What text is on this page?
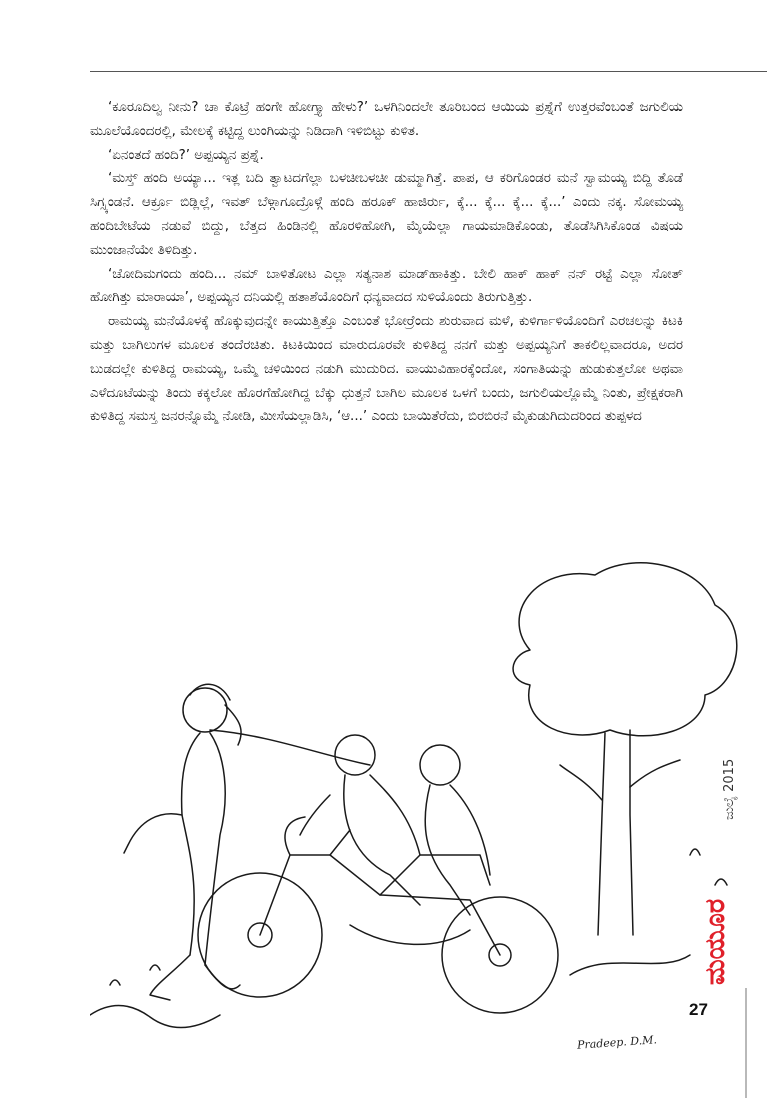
‘ಕೂರೂದಿಲ್ವ ನೀನು? ಚಾ ಕೊಟ್ರೆ ಹಂಗೇ ಹೋಗ್ತ್ಯಾ ಹೇಳು?’ ಒಳಗಿನಿಂದಲೇ ತೂರಿಬಂದ ಆಯಿಯ ಪ್ರಶ್ನೆಗೆ ಉತ್ತರವೆಂಬಂತೆ ಜಗುಲಿಯ ಮೂಲೆಯೊಂದರಲ್ಲಿ, ಮೇಲಕ್ಕೆ ಕಟ್ಟಿದ್ದ ಲುಂಗಿಯನ್ನು ನಿಡಿದಾಗಿ ಇಳಿಬಿಟ್ಟು ಕುಳಿತ.

‘ಏನಂತದೆ ಹಂದಿ?’ ಅಪ್ಪಯ್ಯನ ಪ್ರಶ್ನೆ.

‘ಮಸ್ತ್ ಹಂದಿ ಅಯ್ಯಾ... ಇತ್ಲ ಬದಿ ತ್ವಾಟದಗೆಲ್ಲಾ ಬಳಚೀಬಳಚೀ ಡುಮ್ಮಾಗಿತ್ತೆ. ಪಾಪ, ಆ ಕರಿಗೊಂಡರ ಮನೆ ಸ್ವಾಮಯ್ಯ ಬಿದ್ದಿ ತೊಡೆ ಸಿಗ್ಸ್ಕಂಡನೆ. ಆರ್ಕ್ರೂ ಬಿಡ್ಲಿಲ್ಲೆ, ಇವತ್ ಬೆಳ್ಗಾಗೂದ್ರೊಳ್ಗೆ ಹಂದಿ ಹರೂಕ್ ಹಾಜಿರ್ರು, ಕ್ಕೆ... ಕ್ಕೆ... ಕ್ಕೆ... ಕ್ಕೆ...’ ಎಂದು ನಕ್ಕ. ಸೋಮಯ್ಯ ಹಂದಿಬೇಟೆಯ ನಡುವೆ ಬಿದ್ದು, ಬೆತ್ತದ ಹಿಂಡಿನಲ್ಲಿ ಹೊರಳಿಹೋಗಿ, ಮೈಯೆಲ್ಲಾ ಗಾಯಮಾಡಿಕೊಂಡು, ತೊಡೆಸಿಗಿಸಿಕೊಂಡ ವಿಷಯ ಮುಂಜಾನೆಯೇ ತಿಳಿದಿತ್ತು.

‘ಚೋದಿಮಗಂದು ಹಂದಿ... ನಮ್ ಬಾಳಿತೋಟ ಎಲ್ಲಾ ಸತ್ಯನಾಶ ಮಾಡ್‌ಹಾಕಿತ್ತು. ಬೇಲಿ ಹಾಕ್ ಹಾಕ್ ನನ್ ರಟ್ಟೆ ಎಲ್ಲಾ ಸೋತ್ ಹೋಗಿತ್ತು ಮಾರಾಯಾ’, ಅಪ್ಪಯ್ಯನ ದನಿಯಲ್ಲಿ ಹತಾಶೆಯೊಂದಿಗೆ ಧನ್ಯವಾದದ ಸುಳಿಯೊಂದು ತಿರುಗುತ್ತಿತ್ತು.

ರಾಮಯ್ಯ ಮನೆಯೊಳಕ್ಕೆ ಹೊಕ್ಕುವುದನ್ನೇ ಕಾಯುತ್ತಿತ್ತೊ ಎಂಬಂತೆ ಭೋರ್ರೆಂದು ಶುರುವಾದ ಮಳೆ, ಕುಳಿರ್ಗಾಳಿಯೊಂದಿಗೆ ಎರಚಲನ್ನು ಕಿಟಕಿ ಮತ್ತು ಬಾಗಿಲುಗಳ ಮೂಲಕ ತಂದೆರಚಿತು. ಕಿಟಕಿಯಿಂದ ಮಾರುದೂರವೇ ಕುಳಿತಿದ್ದ ನನಗೆ ಮತ್ತು ಅಪ್ಪಯ್ಯನಿಗೆ ತಾಕಲಿಲ್ಲವಾದರೂ, ಅದರ ಬುಡದಲ್ಲೇ ಕುಳಿತಿದ್ದ ರಾಮಯ್ಯ, ಒಮ್ಮೆ ಚಳಿಯಿಂದ ನಡುಗಿ ಮುದುರಿದ. ವಾಯುವಿಹಾರಕ್ಕೆಂದೋ, ಸಂಗಾತಿಯನ್ನು ಹುಡುಕುತ್ತಲೋ ಅಥವಾ ಎಳೆದೂಟೆಯನ್ನು ತಿಂದು ಕಕ್ಕಲೋ ಹೊರಗೆಹೋಗಿದ್ದ ಬೆಕ್ಕು ಧುತ್ತನೆ ಬಾಗಿಲ ಮೂಲಕ ಒಳಗೆ ಬಂದು, ಜಗುಲಿಯಲ್ಲೊಮ್ಮೆ ನಿಂತು, ಪ್ರೇಕ್ಷಕರಾಗಿ ಕುಳಿತಿದ್ದ ಸಮಸ್ತ ಜನರನ್ನೊಮ್ಮೆ ನೋಡಿ, ಮೀಸೆಯಲ್ಲಾಡಿಸಿ, ‘ಆ...’ ಎಂದು ಬಾಯಿತೆರೆದು, ಬಿರಬಿರನೆ ಮೈಕುಡುಗಿದುದರಿಂದ ತುಪ್ಪಳದ

ಜುಲೈ 2015
ಮಯೂರ
27
Pradeep. D.M.
